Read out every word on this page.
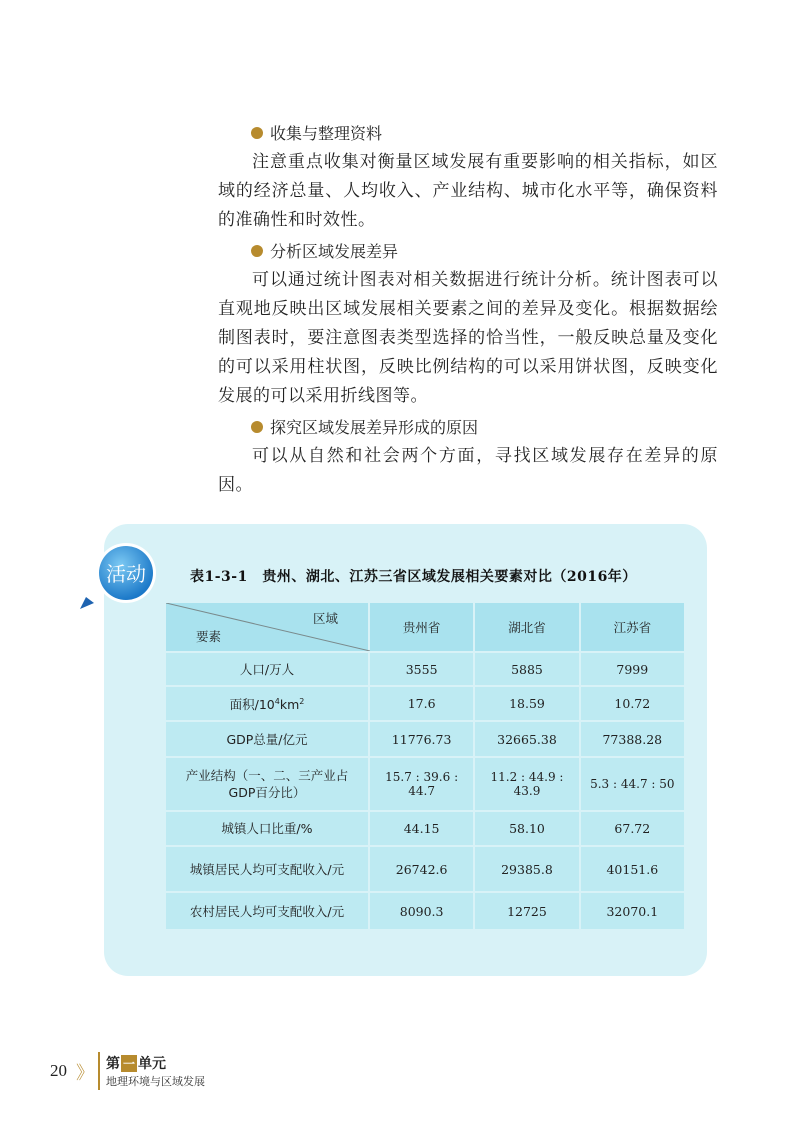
收集与整理资料

注意重点收集对衡量区域发展有重要影响的相关指标，如区域的经济总量、人均收入、产业结构、城市化水平等，确保资料的准确性和时效性。

分析区域发展差异

可以通过统计图表对相关数据进行统计分析。统计图表可以直观地反映出区域发展相关要素之间的差异及变化。根据数据绘制图表时，要注意图表类型选择的恰当性，一般反映总量及变化的可以采用柱状图，反映比例结构的可以采用饼状图，反映变化发展的可以采用折线图等。

探究区域发展差异形成的原因

可以从自然和社会两个方面，寻找区域发展存在差异的原因。

活动	表1-3-1　贵州、湖北、江苏三省区域发展相关要素对比（2016年）
区域
要素	贵州省	湖北省	江苏省
人口/万人	3555	5885	7999
面积$/10^4km^2$	17.6	18.59	10.72
GDP总量/亿元	11776.73	32665.38	77388.28
产业结构（一、二、三产业占GDP百分比）	15.7 : 39.6 : 44.7	11.2 : 44.9 : 43.9	5.3 : 44.7 : 50
城镇人口比重/%	44.15	58.10	67.72
城镇居民人均可支配收入/元	26742.6	29385.8	40151.6
农村居民人均可支配收入/元	8090.3	12725	32070.1
20 》 第 一 单元
地理环境与区域发展
